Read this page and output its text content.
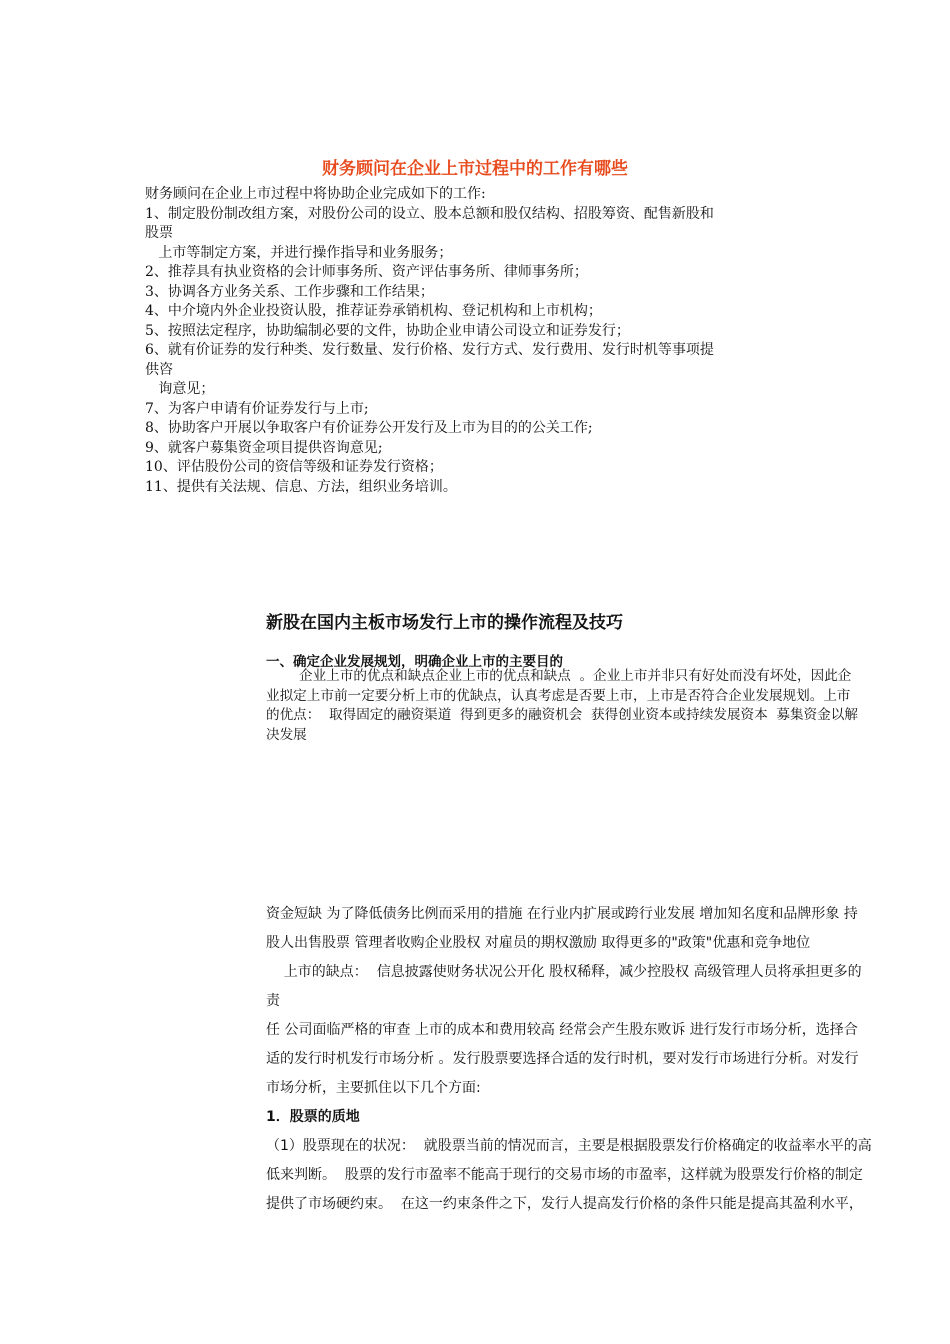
财务顾问在企业上市过程中的工作有哪些
财务顾问在企业上市过程中将协助企业完成如下的工作:
1、制定股份制改组方案，对股份公司的设立、股本总额和股仅结构、招股筹资、配售新股和
股票
上市等制定方案，并进行操作指导和业务服务；
2、推荐具有执业资格的会计师事务所、资产评估事务所、律师事务所；
3、协调各方业务关系、工作步骤和工作结果；
4、中介境内外企业投资认股，推荐证券承销机构、登记机构和上市机构；
5、按照法定程序，协助编制必要的文件，协助企业申请公司设立和证券发行；
6、就有价证券的发行种类、发行数量、发行价格、发行方式、发行费用、发行时机等事项提
供咨
询意见；
7、为客户申请有价证券发行与上市;
8、协助客户开展以争取客户有价证券公开发行及上市为目的的公关工作;
9、就客户募集资金项目提供咨询意见;
10、评估股份公司的资信等级和证券发行资格；
11、提供有关法规、信息、方法，组织业务培训。
新股在国内主板市场发行上市的操作流程及技巧
一、确定企业发展规划，明确企业上市的主要目的
企业上市的优点和缺点企业上市的优点和缺点  。企业上市并非只有好处而没有坏处，因此企
业拟定上市前一定要分析上市的优缺点，认真考虑是否要上市，上市是否符合企业发展规划。上市
的优点：  取得固定的融资渠道  得到更多的融资机会  获得创业资本或持续发展资本  募集资金以解
决发展
资金短缺 为了降低债务比例而采用的措施 在行业内扩展或跨行业发展 增加知名度和品牌形象 持
股人出售股票 管理者收购企业股权 对雇员的期权激励 取得更多的"政策"优惠和竞争地位
上市的缺点：  信息披露使财务状况公开化 股权稀释，减少控股权 高级管理人员将承担更多的
责
任 公司面临严格的审查 上市的成本和费用较高 经常会产生股东败诉 进行发行市场分析，选择合
适的发行时机发行市场分析 。发行股票要选择合适的发行时机，要对发行市场进行分析。对发行
市场分析，主要抓住以下几个方面:
1．股票的质地
（1）股票现在的状况：  就股票当前的情况而言，主要是根据股票发行价格确定的收益率水平的高
低来判断。  股票的发行市盈率不能高于现行的交易市场的市盈率，这样就为股票发行价格的制定
提供了市场硬约束。  在这一约束条件之下，发行人提高发行价格的条件只能是提高其盈利水平，
